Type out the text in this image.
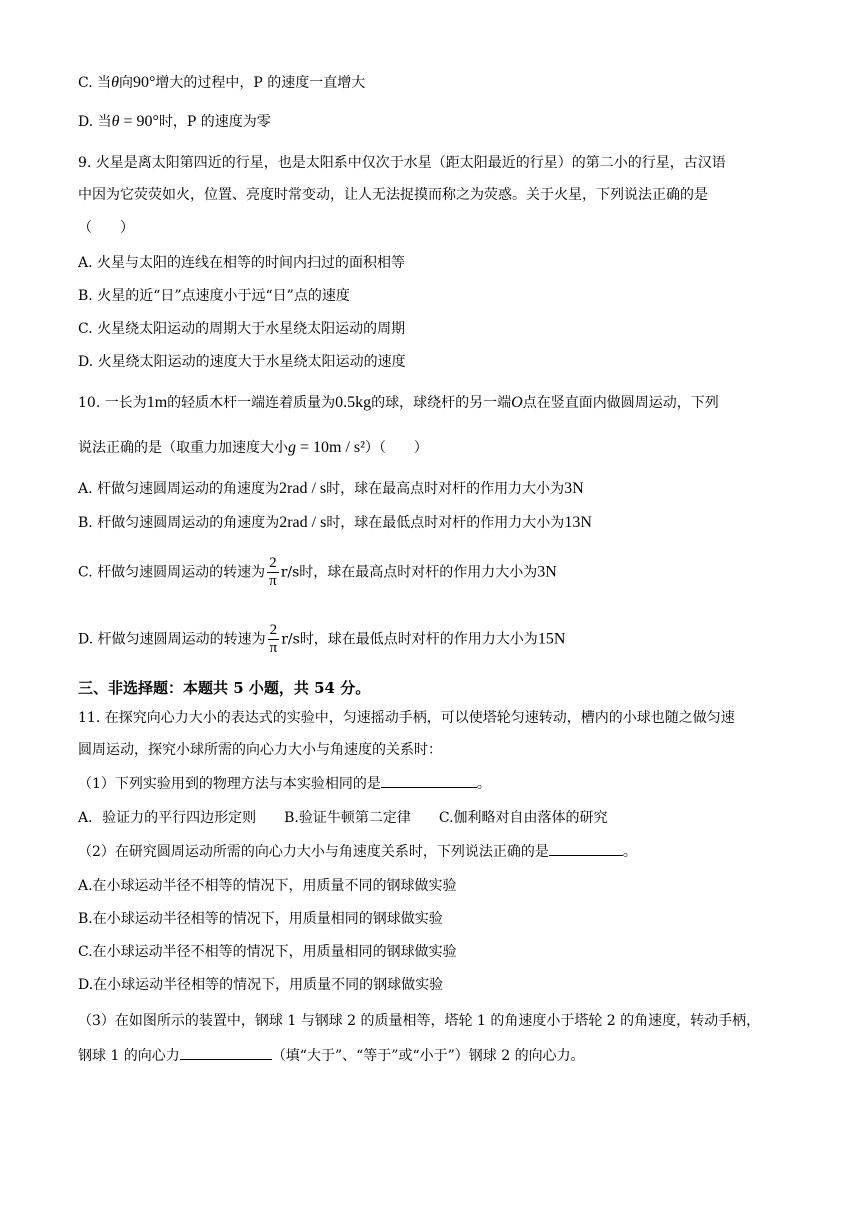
C. 当θ向90°增大的过程中，P 的速度一直增大
D. 当θ = 90°时，P 的速度为零
9. 火星是离太阳第四近的行星，也是太阳系中仅次于水星（距太阳最近的行星）的第二小的行星，古汉语
中因为它荧荧如火，位置、亮度时常变动，让人无法捉摸而称之为荧惑。关于火星，下列说法正确的是
（　　）
A. 火星与太阳的连线在相等的时间内扫过的面积相等
B. 火星的近“日”点速度小于远“日”点的速度
C. 火星绕太阳运动的周期大于水星绕太阳运动的周期
D. 火星绕太阳运动的速度大于水星绕太阳运动的速度
10. 一长为1m的轻质木杆一端连着质量为0.5kg的球，球绕杆的另一端O点在竖直面内做圆周运动，下列
说法正确的是（取重力加速度大小g = 10m / s²）（　　）
A. 杆做匀速圆周运动的角速度为2rad / s时，球在最高点时对杆的作用力大小为3N
B. 杆做匀速圆周运动的角速度为2rad / s时，球在最低点时对杆的作用力大小为13N
C. 杆做匀速圆周运动的转速为 $\frac{2}{\pi} r/s$时，球在最高点时对杆的作用力大小为3N
D. 杆做匀速圆周运动的转速为 $\frac{2}{\pi} r/s$时，球在最低点时对杆的作用力大小为15N
三、非选择题：本题共 5 小题，共 54 分。
11. 在探究向心力大小的表达式的实验中，匀速摇动手柄，可以使塔轮匀速转动，槽内的小球也随之做匀速
圆周运动，探究小球所需的向心力大小与角速度的关系时：
（1）下列实验用到的物理方法与本实验相同的是	。
A．验证力的平行四边形定则 B.验证牛顿第二定律 C.伽利略对自由落体的研究
（2）在研究圆周运动所需的向心力大小与角速度关系时，下列说法正确的是	。
A.在小球运动半径不相等的情况下，用质量不同的钢球做实验
B.在小球运动半径相等的情况下，用质量相同的钢球做实验
C.在小球运动半径不相等的情况下，用质量相同的钢球做实验
D.在小球运动半径相等的情况下，用质量不同的钢球做实验
（3）在如图所示的装置中，钢球 1 与钢球 2 的质量相等，塔轮 1 的角速度小于塔轮 2 的角速度，转动手柄，
钢球 1 的向心力	（填“大于”、“等于”或“小于”）钢球 2 的向心力。
